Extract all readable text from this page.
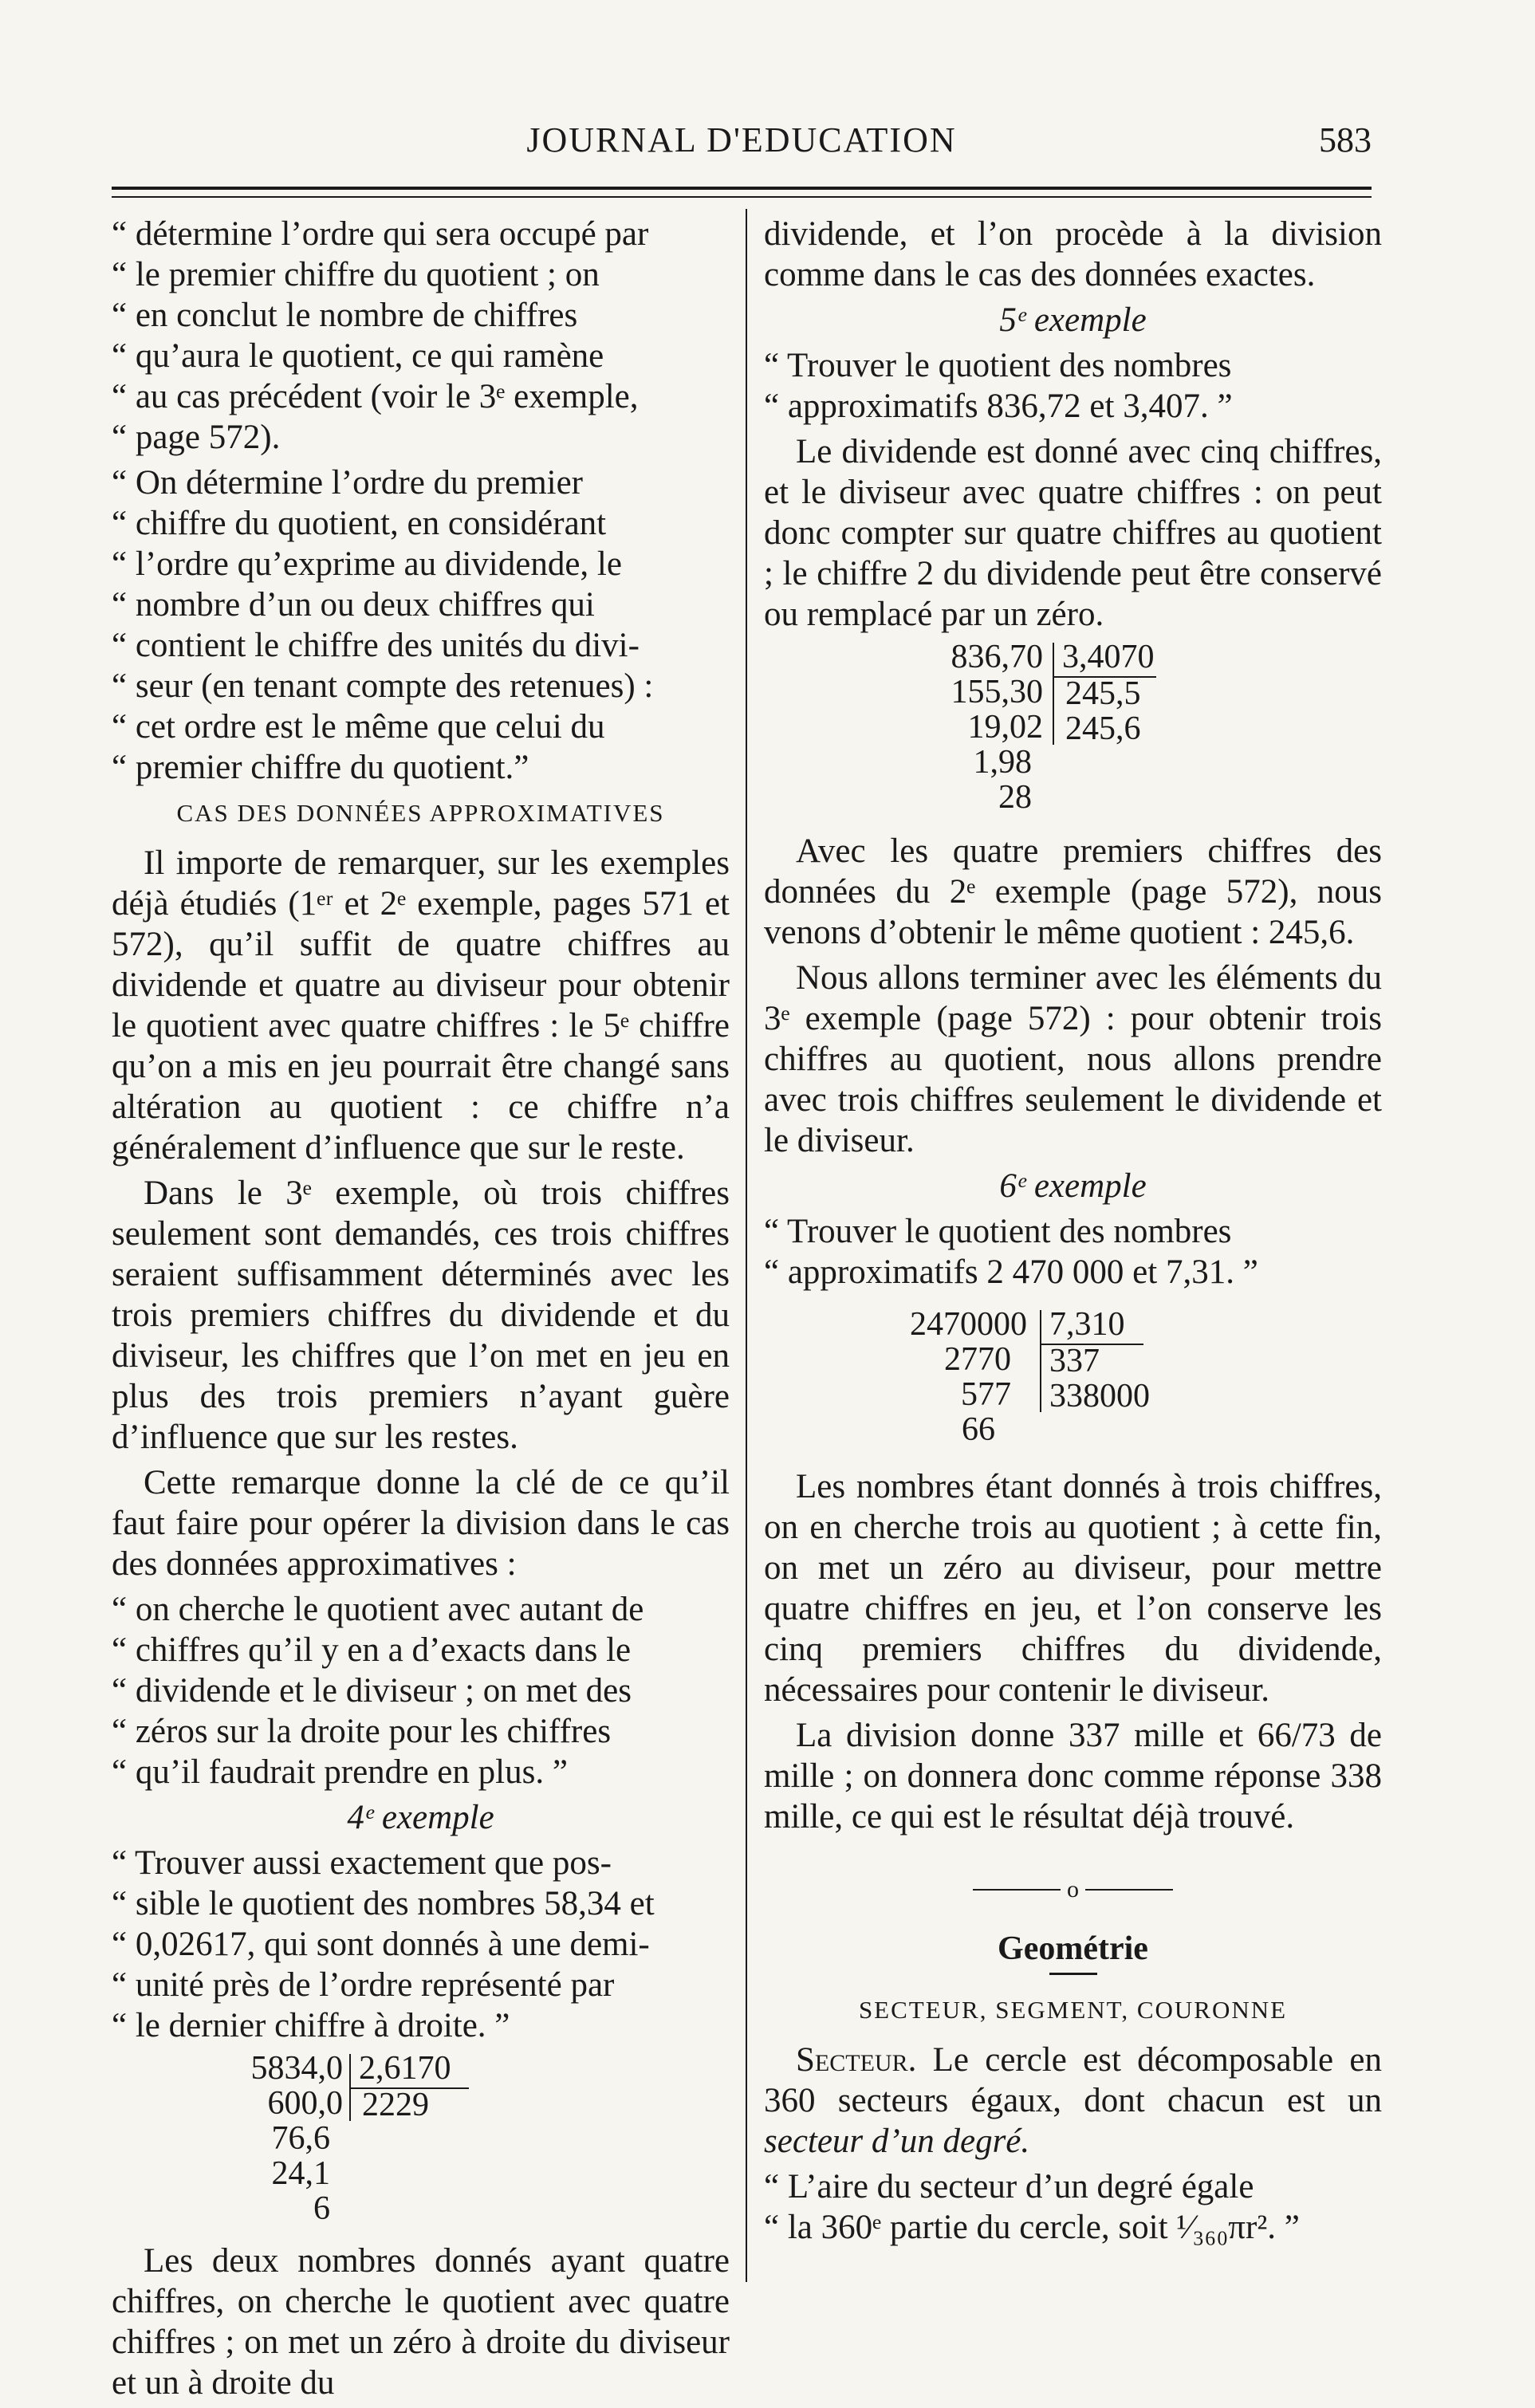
JOURNAL D'EDUCATION	583

“ détermine l’ordre qui sera occupé par
“ le premier chiffre du quotient ; on
“ en conclut le nombre de chiffres
“ qu’aura le quotient, ce qui ramène
“ au cas précédent (voir le 3ᵉ exemple,
“ page 572).

“ On détermine l’ordre du premier
“ chiffre du quotient, en considérant
“ l’ordre qu’exprime au dividende, le
“ nombre d’un ou deux chiffres qui
“ contient le chiffre des unités du divi-
“ seur (en tenant compte des retenues) :
“ cet ordre est le même que celui du
“ premier chiffre du quotient.”

CAS DES DONNÉES APPROXIMATIVES

Il importe de remarquer, sur les exemples déjà étudiés (1ᵉʳ et 2ᵉ exemple, pages 571 et 572), qu’il suffit de quatre chiffres au dividende et quatre au diviseur pour obtenir le quotient avec quatre chiffres : le 5ᵉ chiffre qu’on a mis en jeu pourrait être changé sans altération au quotient : ce chiffre n’a généralement d’influence que sur le reste.

Dans le 3ᵉ exemple, où trois chiffres seulement sont demandés, ces trois chiffres seraient suffisamment déterminés avec les trois premiers chiffres du dividende et du diviseur, les chiffres que l’on met en jeu en plus des trois premiers n’ayant guère d’influence que sur les restes.

Cette remarque donne la clé de ce qu’il faut faire pour opérer la division dans le cas des données approximatives :

“ on cherche le quotient avec autant de
“ chiffres qu’il y en a d’exacts dans le
“ dividende et le diviseur ; on met des
“ zéros sur la droite pour les chiffres
“ qu’il faudrait prendre en plus. ”

4ᵉ exemple

“ Trouver aussi exactement que pos-
“ sible le quotient des nombres 58,34 et
“ 0,02617, qui sont donnés à une demi-
“ unité près de l’ordre représenté par
“ le dernier chiffre à droite. ”

5834,0
600,0
76,6
24,1
6
2,6170
2229

Les deux nombres donnés ayant quatre chiffres, on cherche le quotient avec quatre chiffres ; on met un zéro à droite du diviseur et un à droite du

dividende, et l’on procède à la division comme dans le cas des données exactes.

5ᵉ exemple

“ Trouver le quotient des nombres
“ approximatifs 836,72 et 3,407. ”

Le dividende est donné avec cinq chiffres, et le diviseur avec quatre chiffres : on peut donc compter sur quatre chiffres au quotient ; le chiffre 2 du dividende peut être conservé ou remplacé par un zéro.

836,70
155,30
19,02
1,98
28
3,4070
245,5
245,6

Avec les quatre premiers chiffres des données du 2ᵉ exemple (page 572), nous venons d’obtenir le même quotient : 245,6.

Nous allons terminer avec les éléments du 3ᵉ exemple (page 572) : pour obtenir trois chiffres au quotient, nous allons prendre avec trois chiffres seulement le dividende et le diviseur.

6ᵉ exemple

“ Trouver le quotient des nombres
“ approximatifs 2 470 000 et 7,31. ”

2470000
2770
577
66
7,310
337
338000

Les nombres étant donnés à trois chiffres, on en cherche trois au quotient ; à cette fin, on met un zéro au diviseur, pour mettre quatre chiffres en jeu, et l’on conserve les cinq premiers chiffres du dividende, nécessaires pour contenir le diviseur.

La division donne 337 mille et 66/73 de mille ; on donnera donc comme réponse 338 mille, ce qui est le résultat déjà trouvé.

o
Geométrie
SECTEUR, SEGMENT, COURONNE

Secteur. Le cercle est décomposable en 360 secteurs égaux, dont chacun est un secteur d’un degré.

“ L’aire du secteur d’un degré égale
“ la 360ᵉ partie du cercle, soit ¹⁄₃₆₀πr². ”
